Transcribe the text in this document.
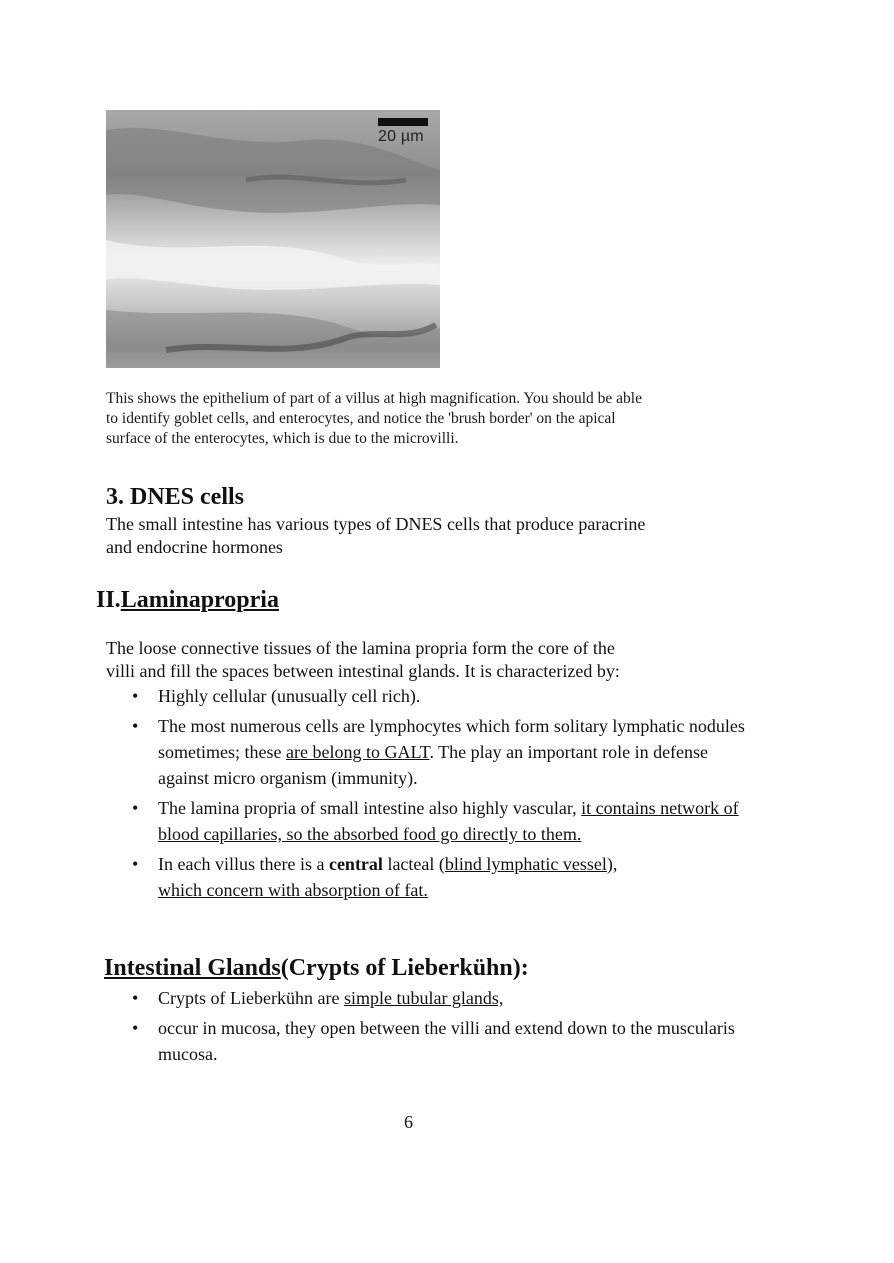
20 µm

This shows the epithelium of part of a villus at high magnification. You should be able

to identify goblet cells, and enterocytes, and notice the 'brush border' on the apical

surface of the enterocytes, which is due to the microvilli.

3. DNES cells

The small intestine has various types of DNES cells that produce paracrine

and endocrine hormones

II.Laminapropria

The loose connective tissues of the lamina propria form the core of the

villi and fill the spaces between intestinal glands. It is characterized by:

• Highly cellular (unusually cell rich).
• The most numerous cells are lymphocytes which form solitary lymphatic nodules sometimes; these are belong to GALT. The play an important role in defense against micro organism (immunity).
• The lamina propria of small intestine also highly vascular, it contains network of blood capillaries, so the absorbed food go directly to them.
• In each villus there is a central lacteal (blind lymphatic vessel),
which concern with absorption of fat.
Intestinal Glands(Crypts of Lieberkühn):
• Crypts of Lieberkühn are simple tubular glands,
• occur in mucosa, they open between the villi and extend down to the muscularis mucosa.
6
